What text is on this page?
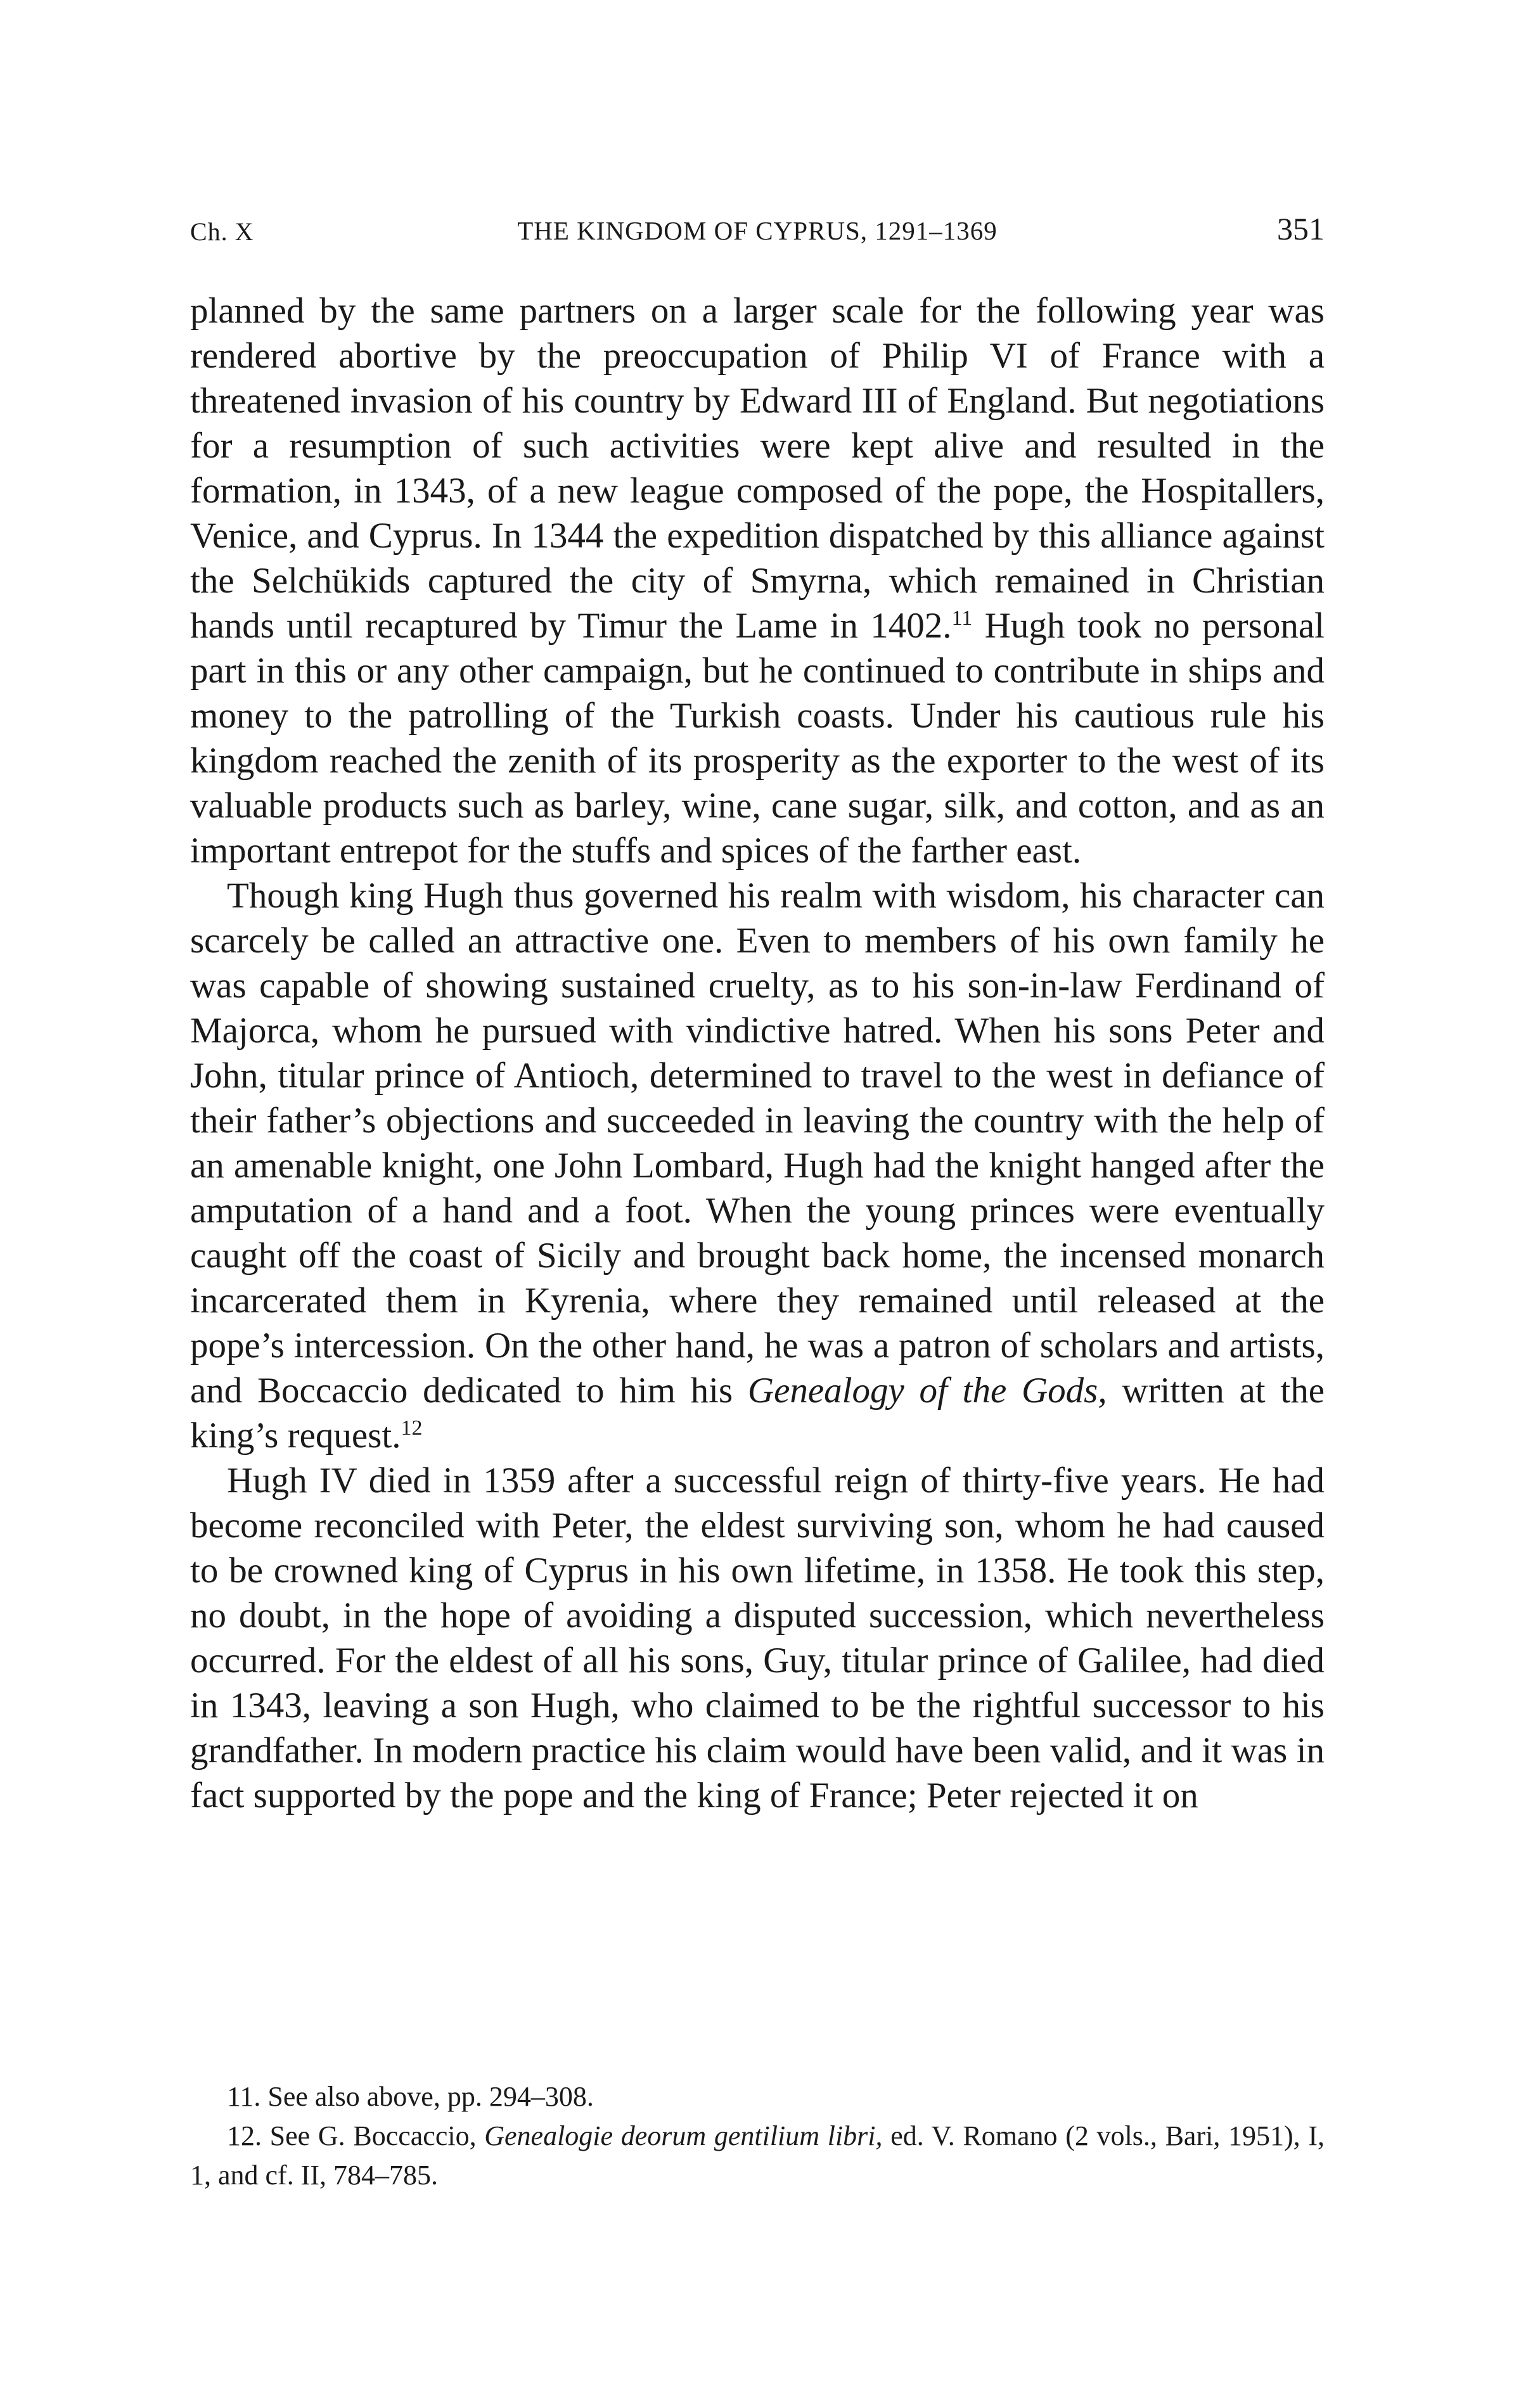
Ch. X	THE KINGDOM OF CYPRUS, 1291–1369	351

planned by the same partners on a larger scale for the following year was rendered abortive by the preoccupation of Philip VI of France with a threatened invasion of his country by Edward III of England. But negotiations for a resumption of such activities were kept alive and resulted in the formation, in 1343, of a new league composed of the pope, the Hospitallers, Venice, and Cyprus. In 1344 the expedition dispatched by this alliance against the Selchükids captured the city of Smyrna, which remained in Christian hands until recaptured by Timur the Lame in 1402.11 Hugh took no personal part in this or any other campaign, but he continued to contribute in ships and money to the patrolling of the Turkish coasts. Under his cautious rule his kingdom reached the zenith of its prosperity as the exporter to the west of its valuable products such as barley, wine, cane sugar, silk, and cotton, and as an important entrepot for the stuffs and spices of the farther east.

Though king Hugh thus governed his realm with wisdom, his character can scarcely be called an attractive one. Even to members of his own family he was capable of showing sustained cruelty, as to his son-in-law Ferdinand of Majorca, whom he pursued with vindictive hatred. When his sons Peter and John, titular prince of Antioch, determined to travel to the west in defiance of their father’s objections and succeeded in leaving the country with the help of an amenable knight, one John Lombard, Hugh had the knight hanged after the amputation of a hand and a foot. When the young princes were eventually caught off the coast of Sicily and brought back home, the incensed monarch incarcerated them in Kyrenia, where they remained until released at the pope’s intercession. On the other hand, he was a patron of scholars and artists, and Boccaccio dedicated to him his Genealogy of the Gods, written at the king’s request.$^{12}$

Hugh IV died in 1359 after a successful reign of thirty-five years. He had become reconciled with Peter, the eldest surviving son, whom he had caused to be crowned king of Cyprus in his own lifetime, in 1358. He took this step, no doubt, in the hope of avoiding a disputed succession, which nevertheless occurred. For the eldest of all his sons, Guy, titular prince of Galilee, had died in 1343, leaving a son Hugh, who claimed to be the rightful successor to his grandfather. In modern practice his claim would have been valid, and it was in fact supported by the pope and the king of France; Peter rejected it on

11. See also above, pp. 294–308.

12. See G. Boccaccio, Genealogie deorum gentilium libri, ed. V. Romano (2 vols., Bari, 1951), I, 1, and cf. II, 784–785.
